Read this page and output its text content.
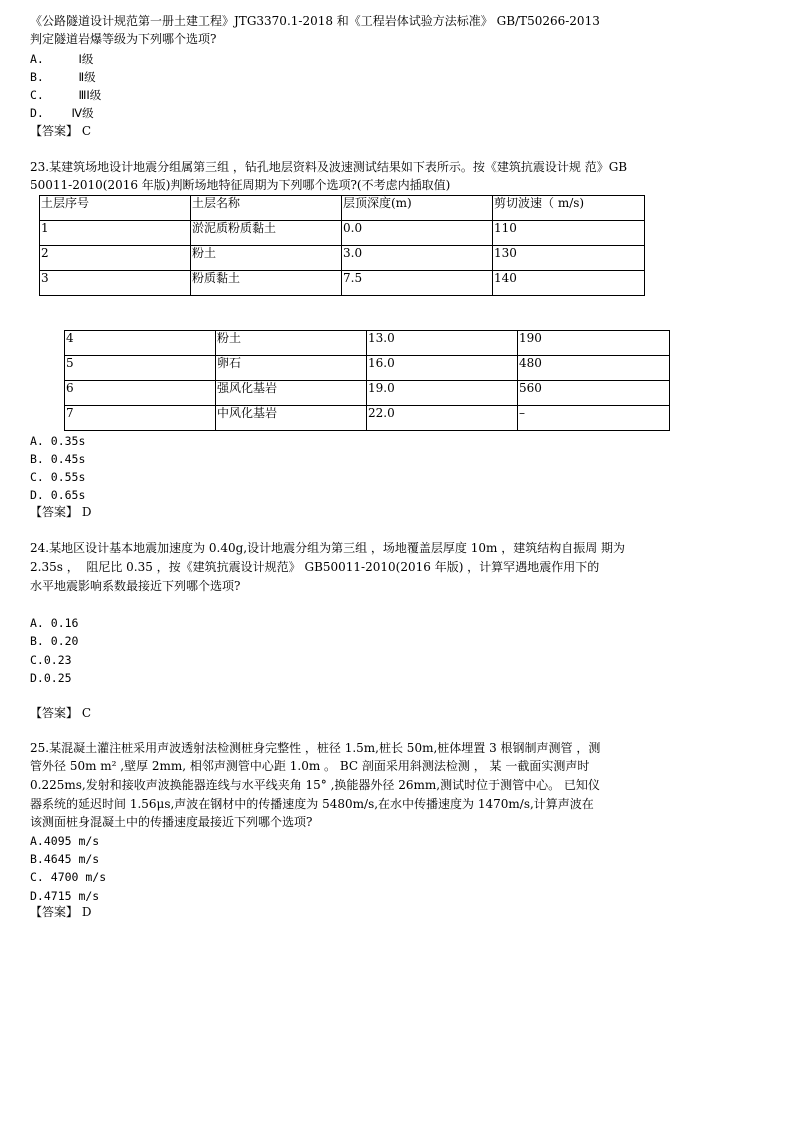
《公路隧道设计规范第一册土建工程》JTG3370.1-2018 和《工程岩体试验方法标准》 GB/T50266-2013

判定隧道岩爆等级为下列哪个选项?

A.     Ⅰ级

B.     Ⅱ级

C.     ⅢⅠ级

D.    Ⅳ级

【答案】 C

23.某建筑场地设计地震分组属第三组 ，钻孔地层资料及波速测试结果如下表所示。按《建筑抗震设计规 范》GB

50011-2010(2016 年版)判断场地特征周期为下列哪个选项?(不考虑内插取值)

土层序号	土层名称	层顶深度(m)	剪切波速（ m/s)
1	淤泥质粉质黏土	0.0	110
2	粉土	3.0	130
3	粉质黏土	7.5	140
4	粉土	13.0	190
5	卵石	16.0	480
6	强风化基岩	19.0	560
7	中风化基岩	22.0	–

A. 0.35s

B. 0.45s

C. 0.55s

D. 0.65s

【答案】 D

24.某地区设计基本地震加速度为 0.40g,设计地震分组为第三组 ，场地覆盖层厚度 10m ，建筑结构自振周 期为

2.35s ，  阻尼比 0.35 ，按《建筑抗震设计规范》 GB50011-2010(2016 年版) ，计算罕遇地震作用下的

水平地震影响系数最接近下列哪个选项?

A. 0.16

B. 0.20

C.0.23

D.0.25

【答案】 C

25.某混凝土灌注桩采用声波透射法检测桩身完整性 ，桩径 1.5m,桩长 50m,桩体埋置 3 根钢制声测管 ，测

管外径 50m m² ,壁厚 2mm, 相邻声测管中心距 1.0m 。 BC 剖面采用斜测法检测 ， 某 一截面实测声时

0.225ms,发射和接收声波换能器连线与水平线夹角 15° ,换能器外径 26mm,测试时位于测管中心。 已知仪

器系统的延迟时间 1.56μs,声波在钢材中的传播速度为 5480m/s,在水中传播速度为 1470m/s,计算声波在

该测面桩身混凝土中的传播速度最接近下列哪个选项?

A.4095 m/s

B.4645 m/s

C. 4700 m/s

D.4715 m/s

【答案】 D
